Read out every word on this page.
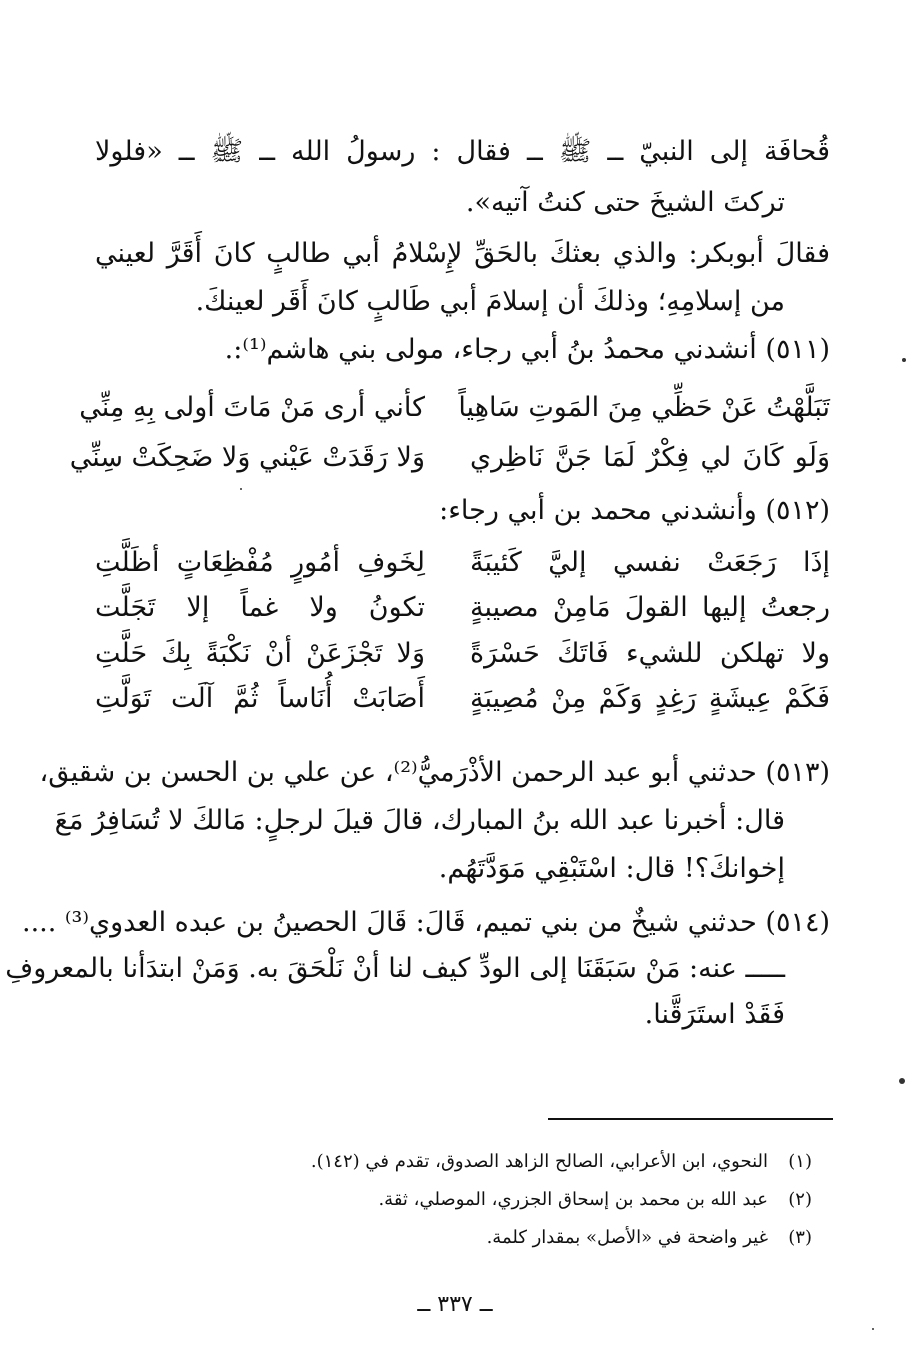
قُحافَة إلى النبيّ ــ ﷺ ــ فقال : رسولُ الله ــ ﷺ ــ «فلولا
تركتَ الشيخَ حتى كنتُ آتيه».
فقالَ أبوبكر: والذي بعثكَ بالحَقِّ لإِسْلامُ أبي طالبٍ كانَ أَقَرَّ لعيني
من إسلامِهِ؛ وذلكَ أن إسلامَ أبي طَالبٍ كانَ أَقَر لعينكَ.
(٥١١) أنشدني محمدُ بنُ أبي رجاء، مولى بني هاشم⁽¹⁾:.
تَبَلَّهْتُ عَنْ حَظِّي مِنَ المَوتِ سَاهِياً
كأني أرى مَنْ مَاتَ أولى بِهِ مِنِّي
وَلَو كَانَ لي فِكْرٌ لَمَا جَنَّ نَاظِري
وَلا رَقَدَتْ عَيْني وَلا ضَحِكَتْ سِنِّي
(٥١٢) وأنشدني محمد بن أبي رجاء:
إذَا رَجَعَتْ نفسي إليَّ كَئيبَةً
لِخَوفِ أمُورٍ مُفْظِعَاتٍ أظَلَّتِ
رجعتُ إليها القولَ مَامِنْ مصيبةٍ
تكونُ ولا غماً إلا تَجَلَّت
ولا تهلكن للشيء فَاتَكَ حَسْرَةً
وَلا تَجْزَعَنْ أنْ نَكْبَةً بِكَ حَلَّتِ
فَكَمْ عِيشَةٍ رَغِدٍ وَكَمْ مِنْ مُصِيبَةٍ
أَصَابَتْ أُنَاساً ثُمَّ آلَت تَوَلَّتِ
(٥١٣) حدثني أبو عبد الرحمن الأذْرَميُّ⁽²⁾، عن علي بن الحسن بن شقيق،
قال: أخبرنا عبد الله بنُ المبارك، قالَ قيلَ لرجلٍ: مَالكَ لا تُسَافِرُ مَعَ
إخوانكَ؟! قال: اسْتَبْقِي مَوَدَّتَهُم.
(٥١٤) حدثني شيخٌ من بني تميم، قَالَ: قَالَ الحصينُ بن عبده العدوي⁽³⁾ ....
ـــــ عنه: مَنْ سَبَقَنَا إلى الودِّ كيف لنا أنْ نَلْحَقَ به. وَمَنْ ابتدَأنا بالمعروفِ
فَقَدْ استَرَقَّنا.
(١)النحوي، ابن الأعرابي، الصالح الزاهد الصدوق، تقدم في (١٤٢).
(٢)عبد الله بن محمد بن إسحاق الجزري، الموصلي، ثقة.
(٣)غير واضحة في «الأصل» بمقدار كلمة.
ــ ٣٣٧ ــ
